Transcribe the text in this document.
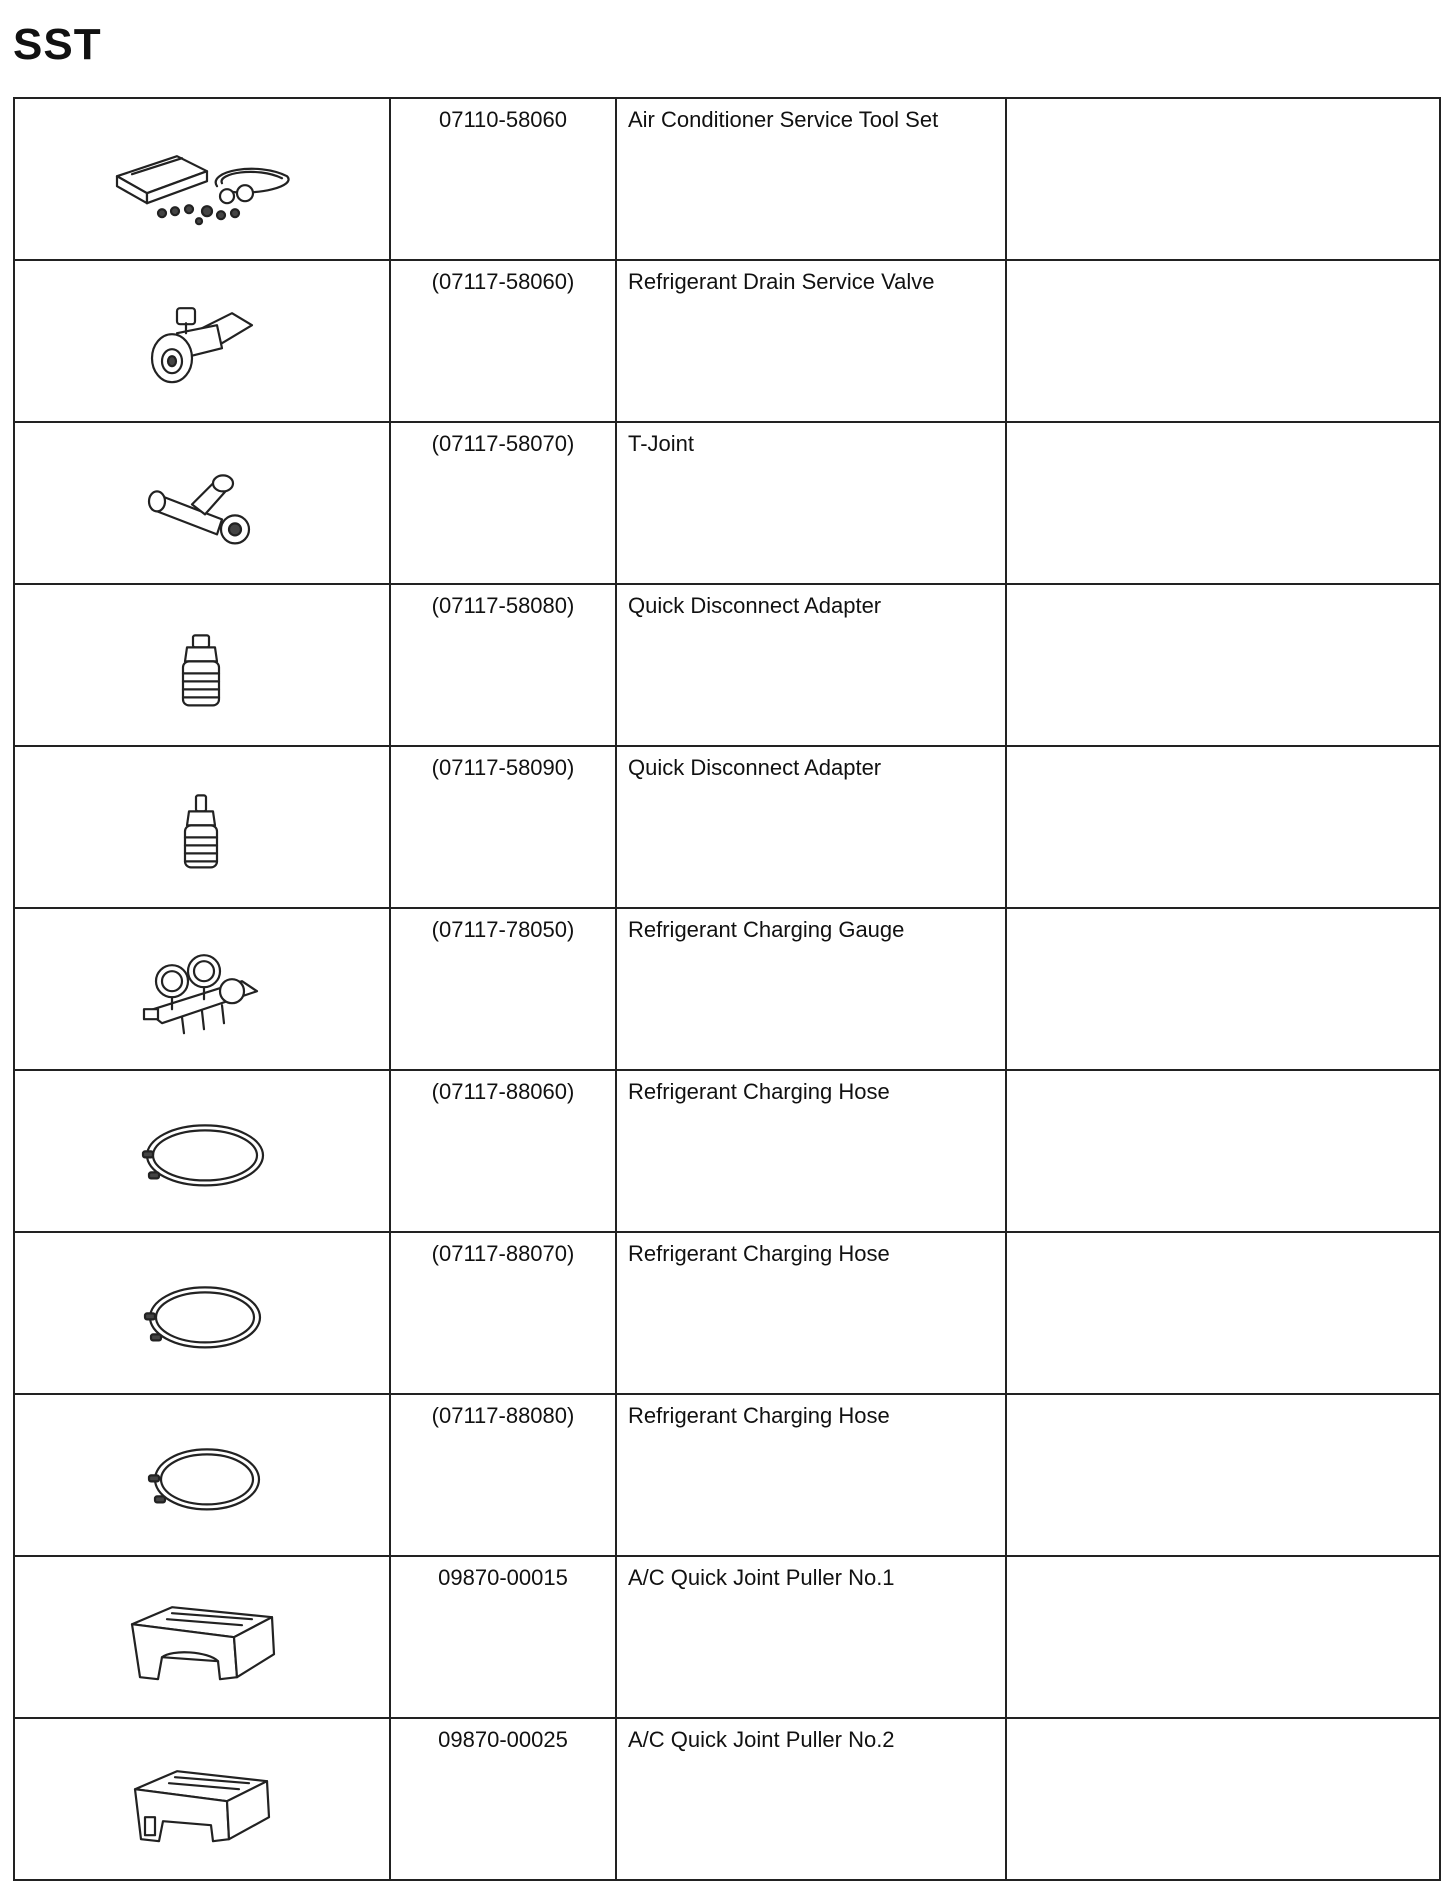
SST

07110-58060	Air Conditioner Service Tool Set	

(07117-58060)	Refrigerant Drain Service Valve	

(07117-58070)	T-Joint	

(07117-58080)	Quick Disconnect Adapter	

(07117-58090)	Quick Disconnect Adapter	

(07117-78050)	Refrigerant Charging Gauge	

(07117-88060)	Refrigerant Charging Hose	

(07117-88070)	Refrigerant Charging Hose	

(07117-88080)	Refrigerant Charging Hose	

09870-00015	A/C Quick Joint Puller No.1	

09870-00025	A/C Quick Joint Puller No.2	
